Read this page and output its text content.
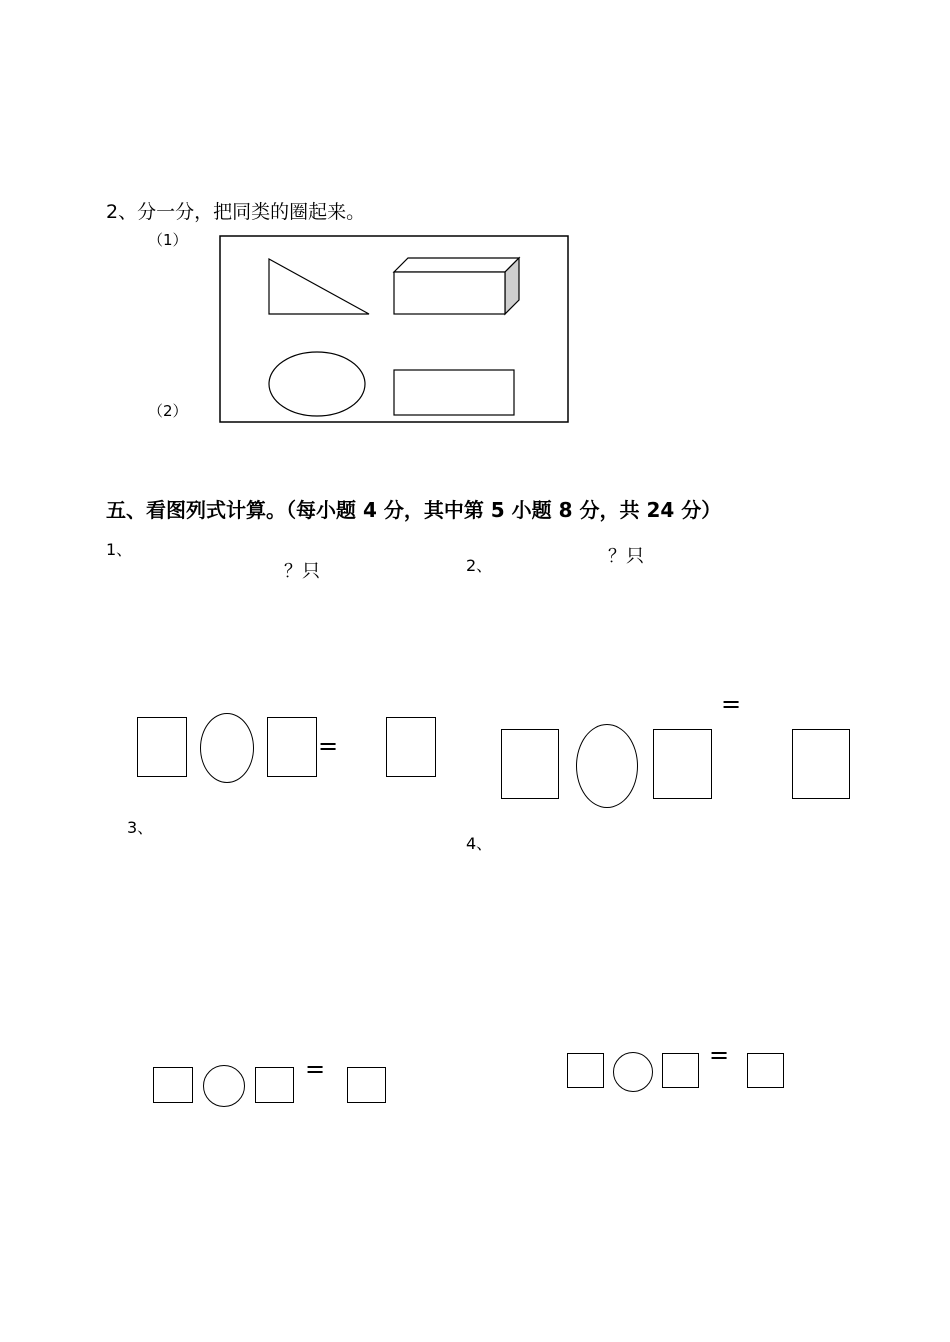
2、分一分，把同类的圈起来。
（1）
（2）
五、看图列式计算。（每小题 4 分，其中第 5 小题 8 分，共 24 分）
1、
？只	2、	？只
=
=
3、
4、
=	=
